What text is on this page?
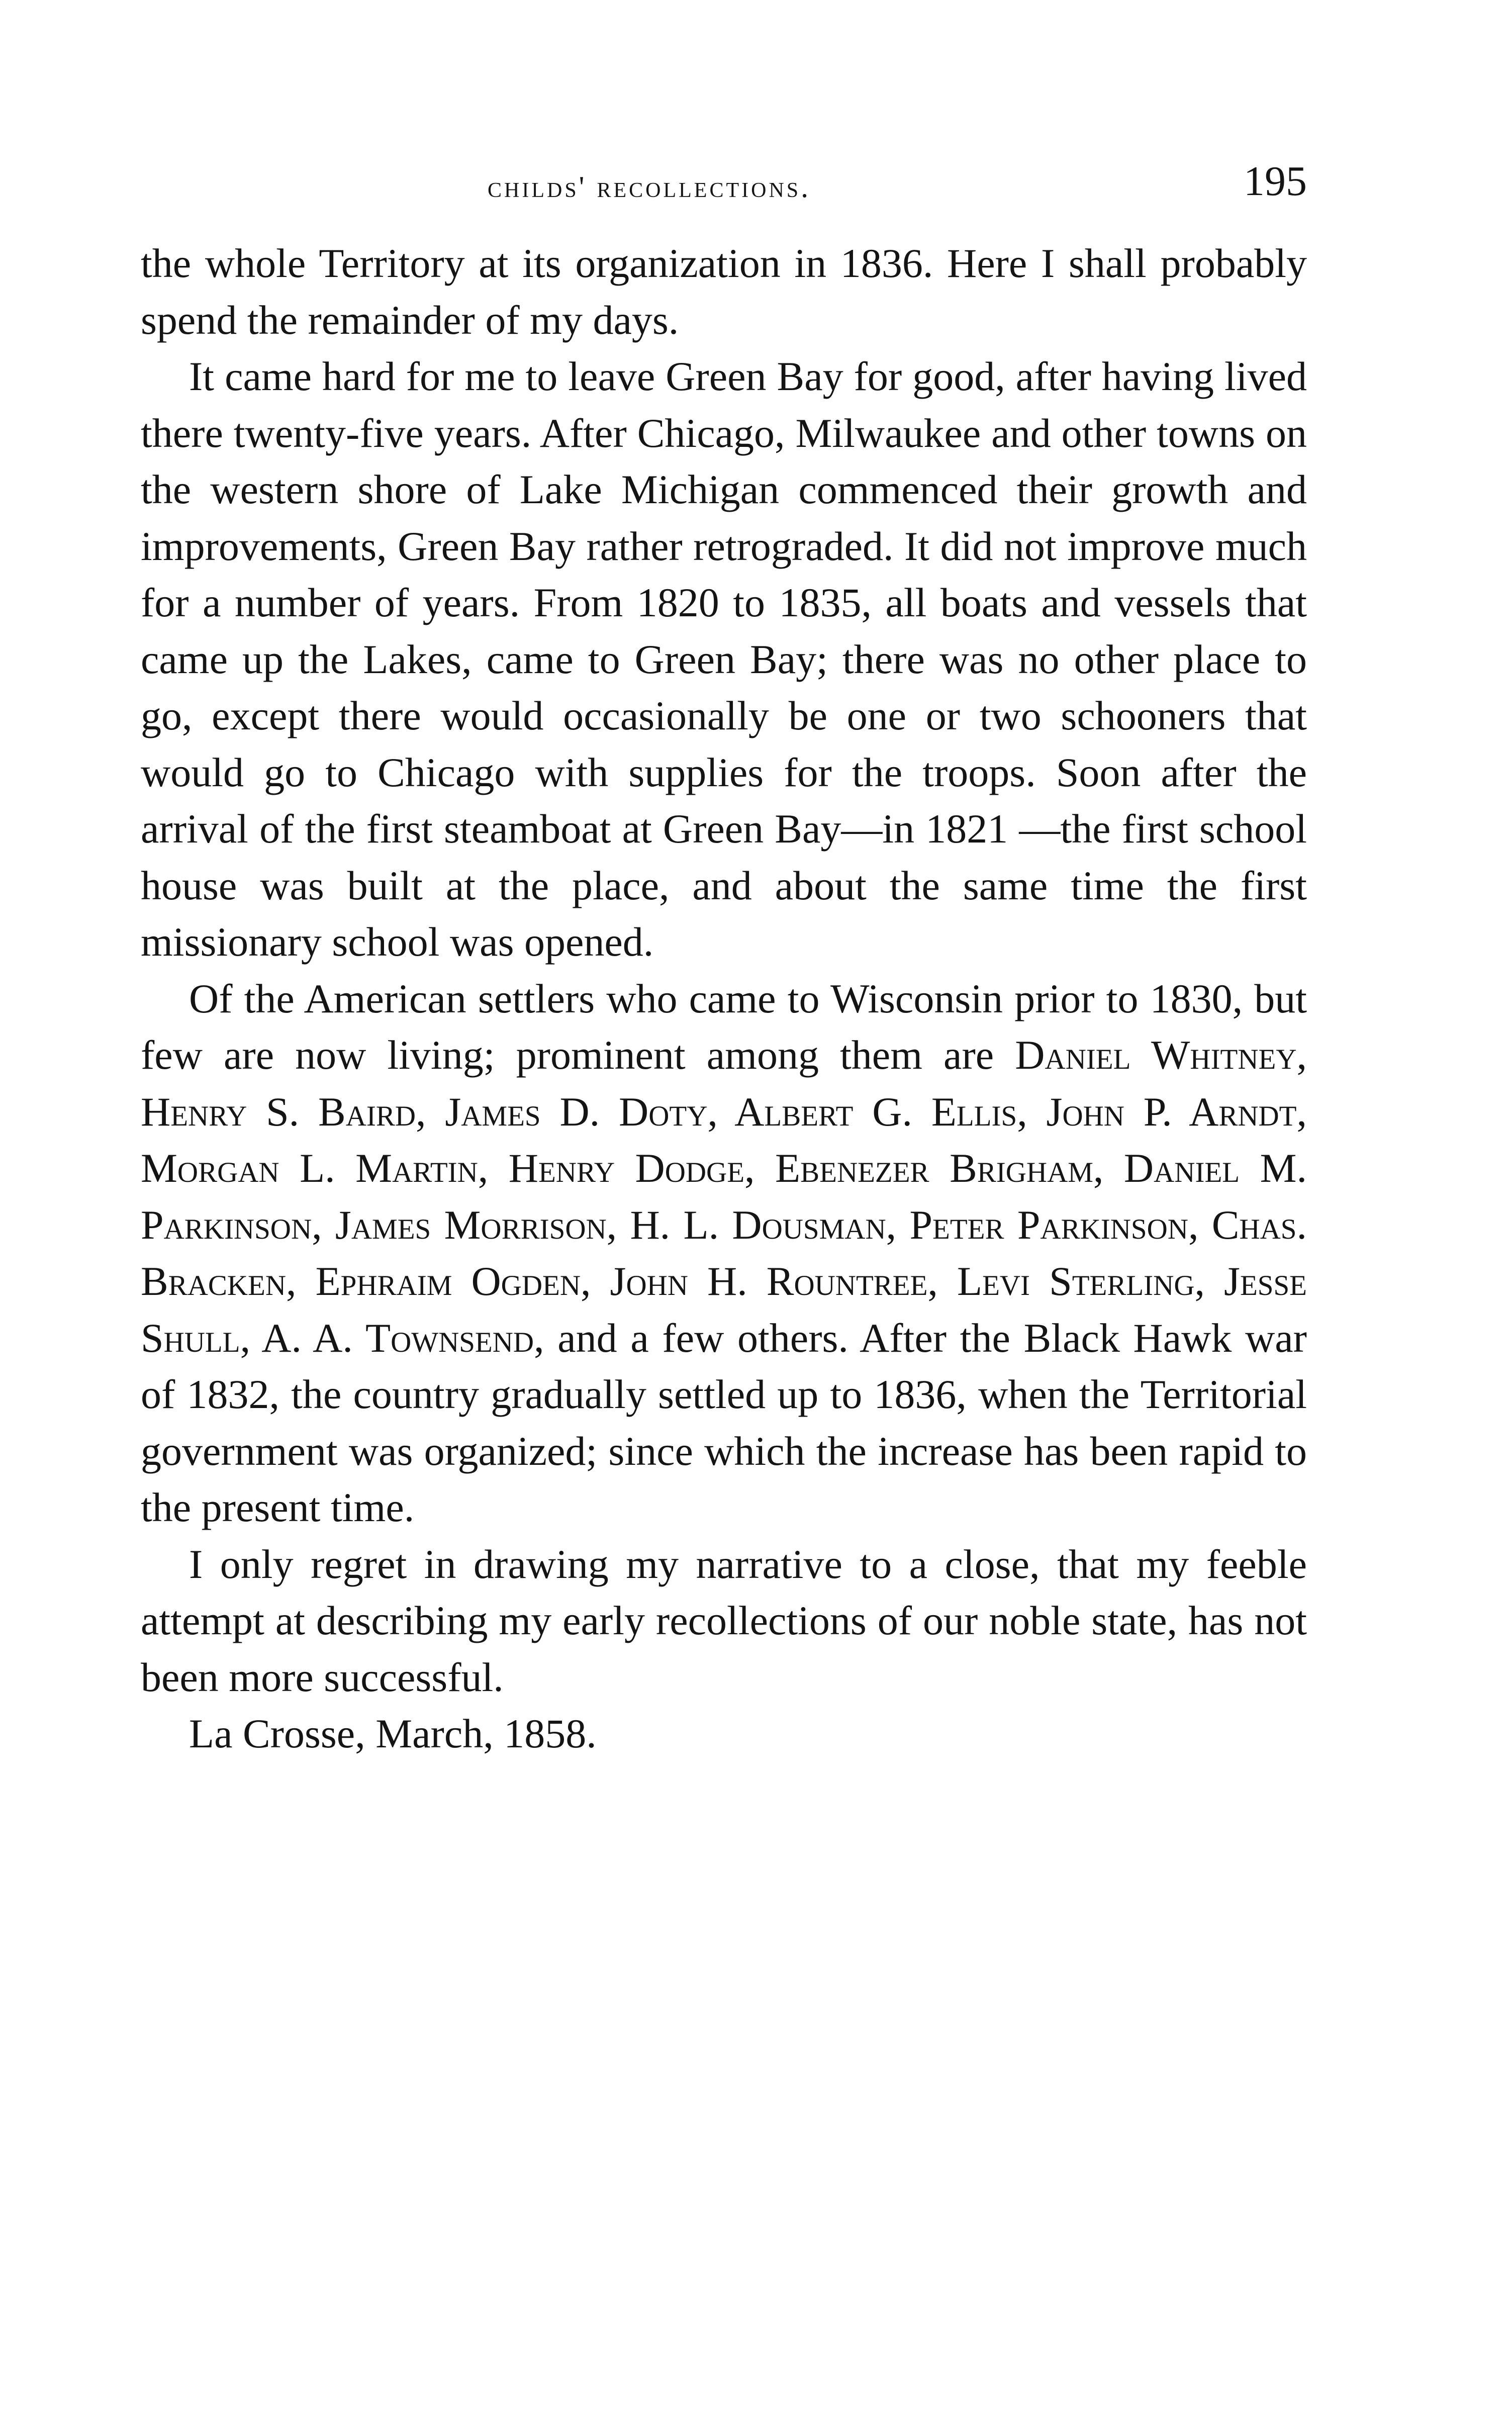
childs' recollections.	195

the whole Territory at its organization in 1836. Here I shall probably spend the remainder of my days.

It came hard for me to leave Green Bay for good, after having lived there twenty-five years. After Chicago, Milwaukee and other towns on the western shore of Lake Michigan commenced their growth and improvements, Green Bay rather retrograded. It did not improve much for a number of years. From 1820 to 1835, all boats and vessels that came up the Lakes, came to Green Bay; there was no other place to go, except there would occasionally be one or two schooners that would go to Chicago with supplies for the troops. Soon after the arrival of the first steamboat at Green Bay—in 1821 —the first school house was built at the place, and about the same time the first missionary school was opened.

Of the American settlers who came to Wisconsin prior to 1830, but few are now living; prominent among them are Daniel Whitney, Henry S. Baird, James D. Doty, Albert G. Ellis, John P. Arndt, Morgan L. Martin, Henry Dodge, Ebenezer Brigham, Daniel M. Parkinson, James Morrison, H. L. Dousman, Peter Parkinson, Chas. Bracken, Ephraim Ogden, John H. Rountree, Levi Sterling, Jesse Shull, A. A. Townsend, and a few others. After the Black Hawk war of 1832, the country gradually settled up to 1836, when the Territorial government was organized; since which the increase has been rapid to the present time.

I only regret in drawing my narrative to a close, that my feeble attempt at describing my early recollections of our noble state, has not been more successful.

La Crosse, March, 1858.
